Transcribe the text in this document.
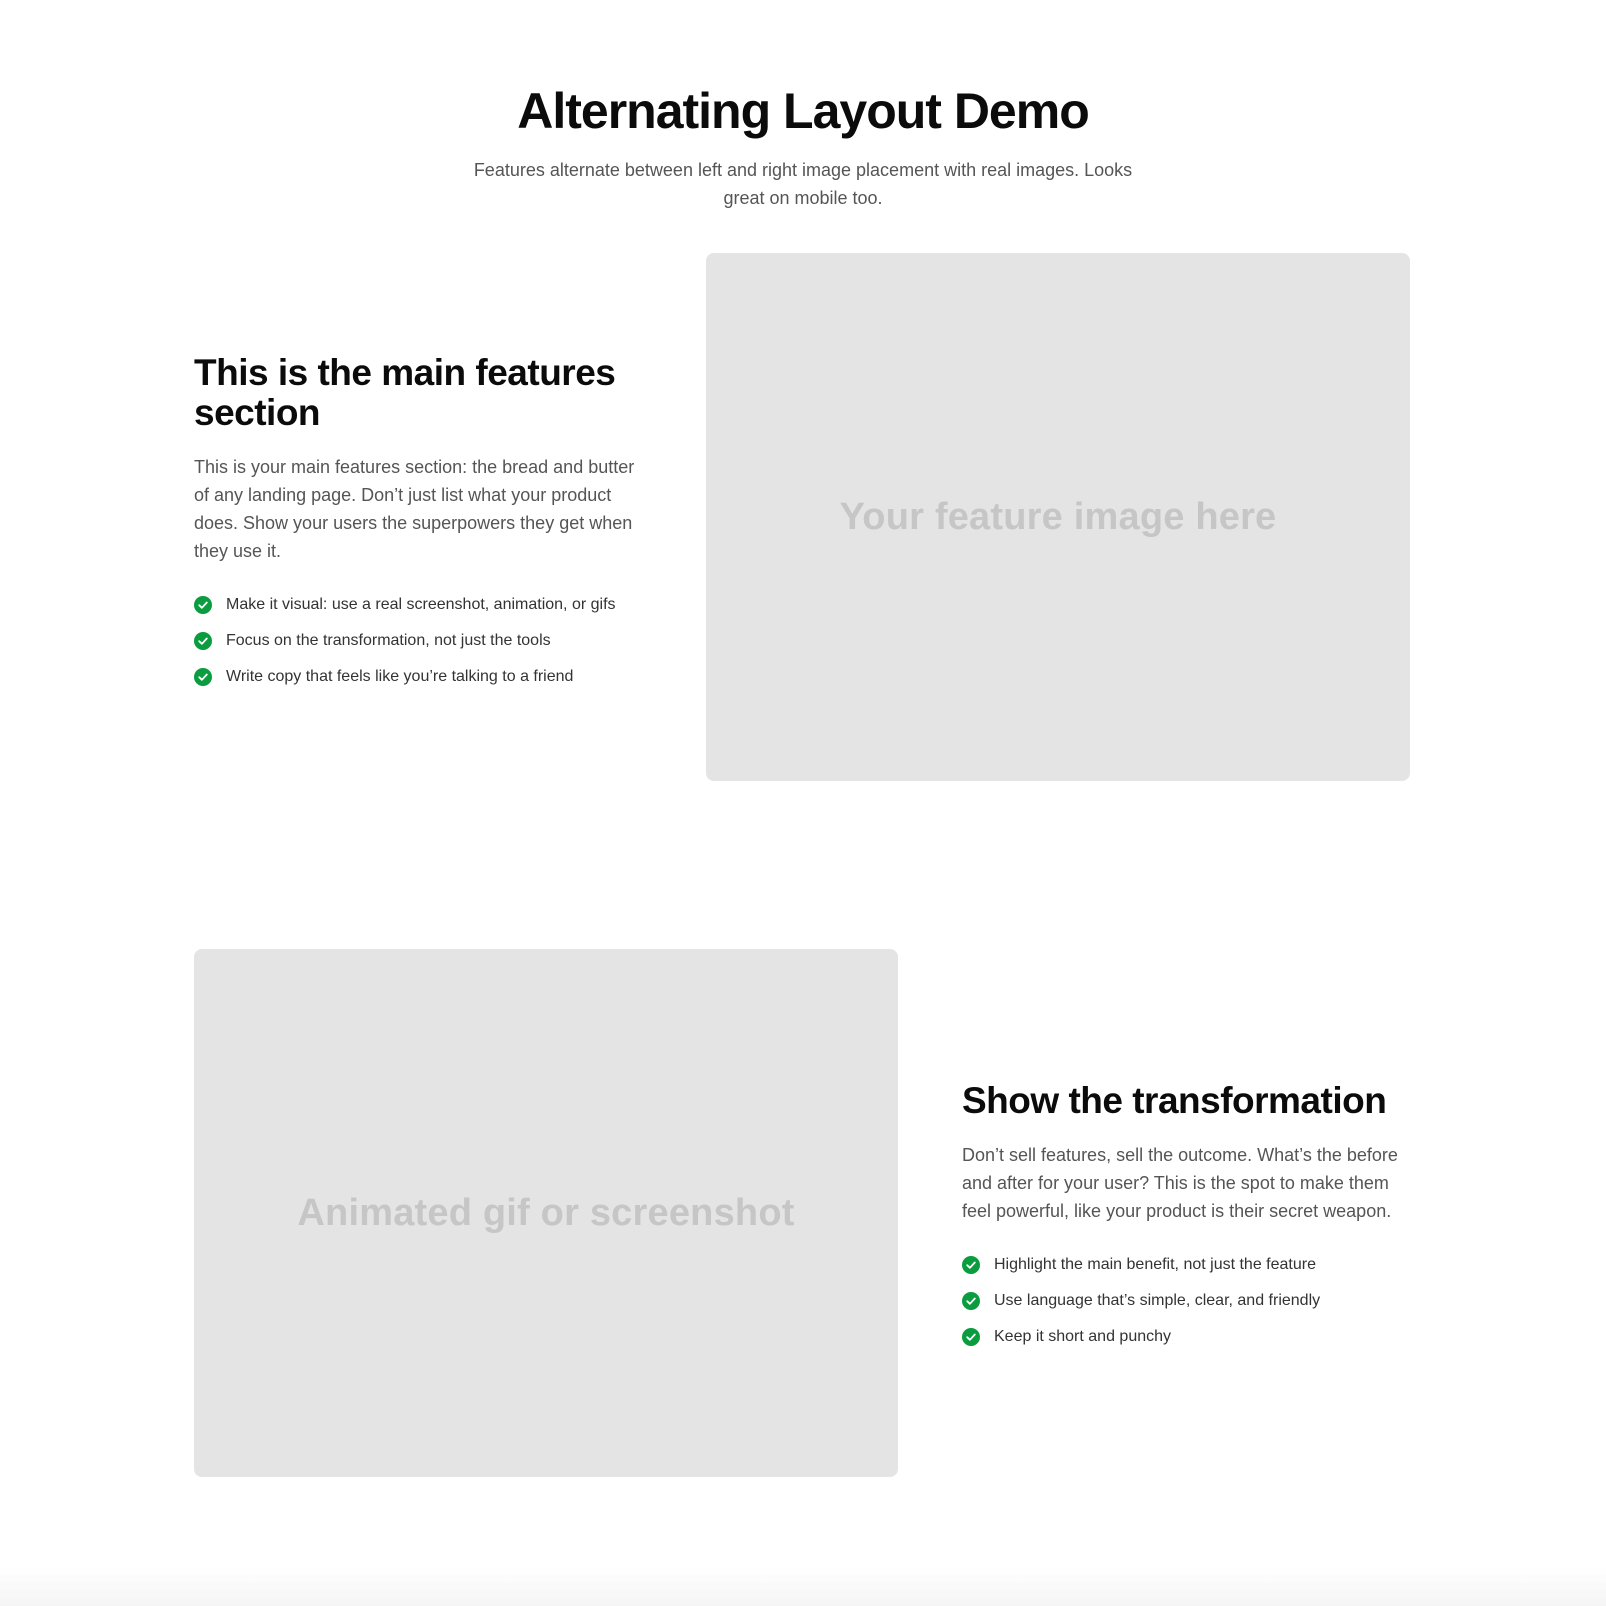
Alternating Layout Demo

Features alternate between left and right image placement with real images. Looks great on mobile too.

This is the main features section

This is your main features section: the bread and butter of any landing page. Don’t just list what your product does. Show your users the superpowers they get when they use it.

Make it visual: use a real screenshot, animation, or gifs
Focus on the transformation, not just the tools
Write copy that feels like you’re talking to a friend
Your feature image here
Animated gif or screenshot
Show the transformation

Don’t sell features, sell the outcome. What’s the before and after for your user? This is the spot to make them feel powerful, like your product is their secret weapon.

Highlight the main benefit, not just the feature
Use language that’s simple, clear, and friendly
Keep it short and punchy
